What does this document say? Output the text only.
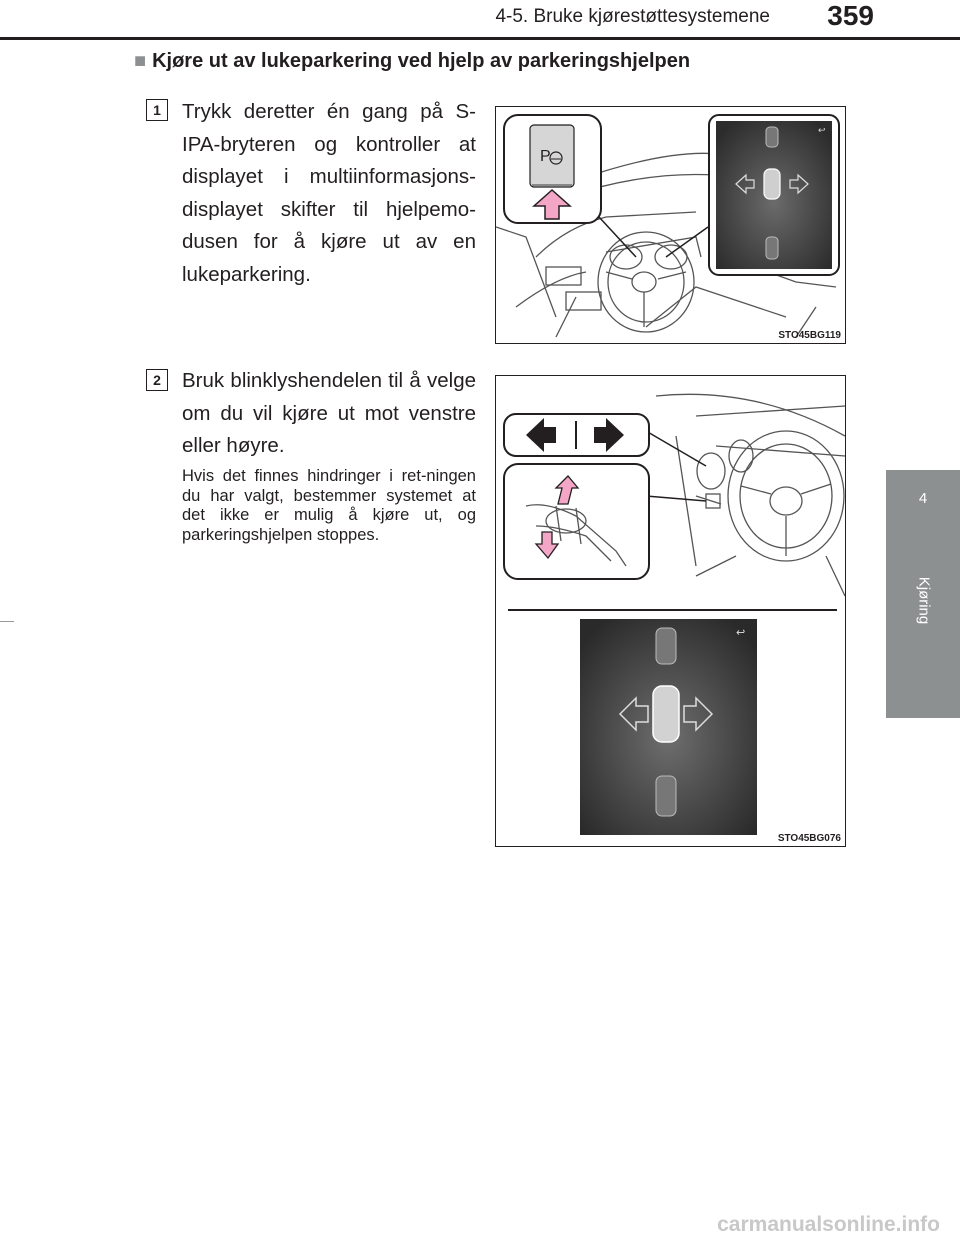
4-5. Bruke kjørestøttesystemene 359
4
Kjøring
■ Kjøre ut av lukeparkering ved hjelp av parkeringshjelpen
1	Trykk deretter én gang på S-IPA-bryteren og kontroller at displayet i multiinformasjons-displayet skifter til hjelpemo-dusen for å kjøre ut av en lukeparkering.
P
↩
STO45BG119
2	Bruk blinklyshendelen til å velge om du vil kjøre ut mot venstre eller høyre.
Hvis det finnes hindringer i ret-ningen du har valgt, bestemmer systemet at det ikke er mulig å kjøre ut, og parkeringshjelpen stoppes.
↩
STO45BG076
carmanualsonline.info
